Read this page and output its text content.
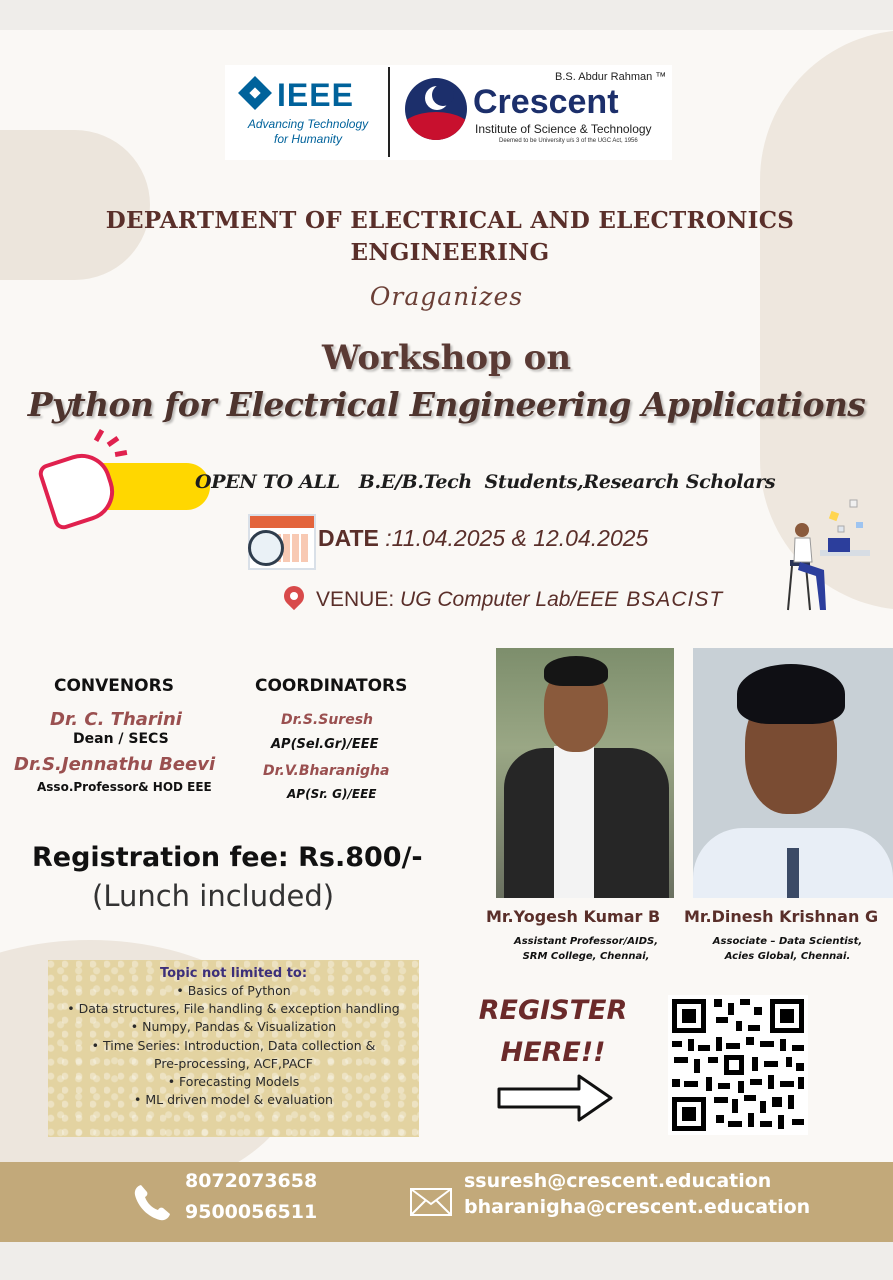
IEEE
Advancing Technology
for Humanity
B.S. Abdur Rahman ™
Crescent
Institute of Science & Technology
Deemed to be University u/s 3 of the UGC Act, 1956
DEPARTMENT OF ELECTRICAL AND ELECTRONICS
ENGINEERING
Oraganizes
Workshop on
Python for Electrical Engineering Applications
OPEN TO ALL   B.E/B.Tech  Students,Research Scholars
DATE :11.04.2025 & 12.04.2025
VENUE: UG Computer Lab/EEE BSACIST
CONVENORS
Dr. C. Tharini
Dean / SECS
Dr.S.Jennathu Beevi
Asso.Professor& HOD EEE
COORDINATORS
Dr.S.Suresh
AP(Sel.Gr)/EEE
Dr.V.Bharanigha
AP(Sr. G)/EEE
Registration fee: Rs.800/-
(Lunch included)
Mr.Yogesh Kumar B
Assistant Professor/AIDS,
SRM College, Chennai,
Mr.Dinesh Krishnan G
Associate – Data Scientist,
Acies Global, Chennai.
Topic not limited to:
• Basics of Python
• Data structures, File handling & exception handling
• Numpy, Pandas & Visualization
• Time Series: Introduction, Data collection &
Pre-processing, ACF,PACF
• Forecasting Models
• ML driven model & evaluation
REGISTER
HERE!!
8072073658
9500056511
ssuresh@crescent.education
bharanigha@crescent.education
